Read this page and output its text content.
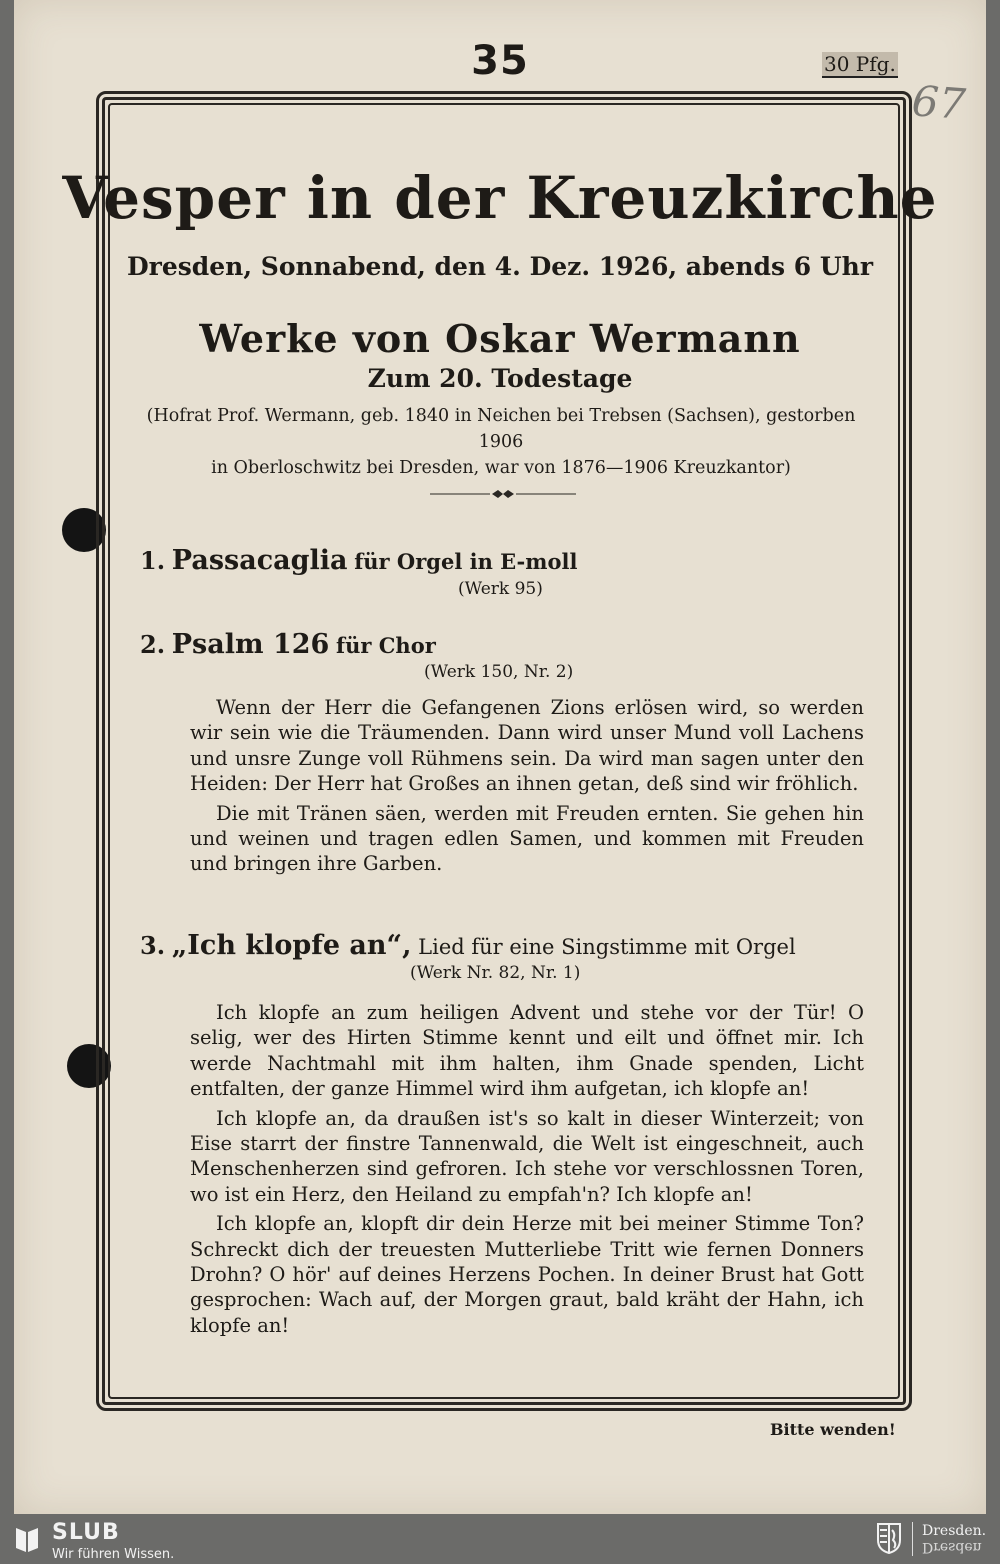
35	30 Pfg.
67
Vesper in der Kreuzkirche
Dresden, Sonnabend, den 4. Dez. 1926, abends 6 Uhr
Werke von Oskar Wermann
Zum 20. Todestage
(Hofrat Prof. Wermann, geb. 1840 in Neichen bei Trebsen (Sachsen), gestorben 1906
in Oberloschwitz bei Dresden, war von 1876—1906 Kreuzkantor)
1. Passacaglia für Orgel in E-moll
(Werk 95)
2. Psalm 126 für Chor
(Werk 150, Nr. 2)

Wenn der Herr die Gefangenen Zions erlösen wird, so werden wir sein wie die Träumenden. Dann wird unser Mund voll Lachens und unsre Zunge voll Rühmens sein. Da wird man sagen unter den Heiden: Der Herr hat Großes an ihnen getan, deß sind wir fröhlich.

Die mit Tränen säen, werden mit Freuden ernten. Sie gehen hin und weinen und tragen edlen Samen, und kommen mit Freuden und bringen ihre Garben.

3. „Ich klopfe an“, Lied für eine Singstimme mit Orgel
(Werk Nr. 82, Nr. 1)

Ich klopfe an zum heiligen Advent und stehe vor der Tür! O selig, wer des Hirten Stimme kennt und eilt und öffnet mir. Ich werde Nachtmahl mit ihm halten, ihm Gnade spenden, Licht entfalten, der ganze Himmel wird ihm aufgetan, ich klopfe an!

Ich klopfe an, da draußen ist's so kalt in dieser Winterzeit; von Eise starrt der finstre Tannenwald, die Welt ist eingeschneit, auch Menschenherzen sind gefroren. Ich stehe vor verschlossnen Toren, wo ist ein Herz, den Heiland zu empfah'n? Ich klopfe an!

Ich klopfe an, klopft dir dein Herze mit bei meiner Stimme Ton? Schreckt dich der treuesten Mutterliebe Tritt wie fernen Donners Drohn? O hör' auf deines Herzens Pochen. In deiner Brust hat Gott gesprochen: Wach auf, der Morgen graut, bald kräht der Hahn, ich klopfe an!

Bitte wenden!
SLUB
Wir führen Wissen.
Dresden.
Dresden
